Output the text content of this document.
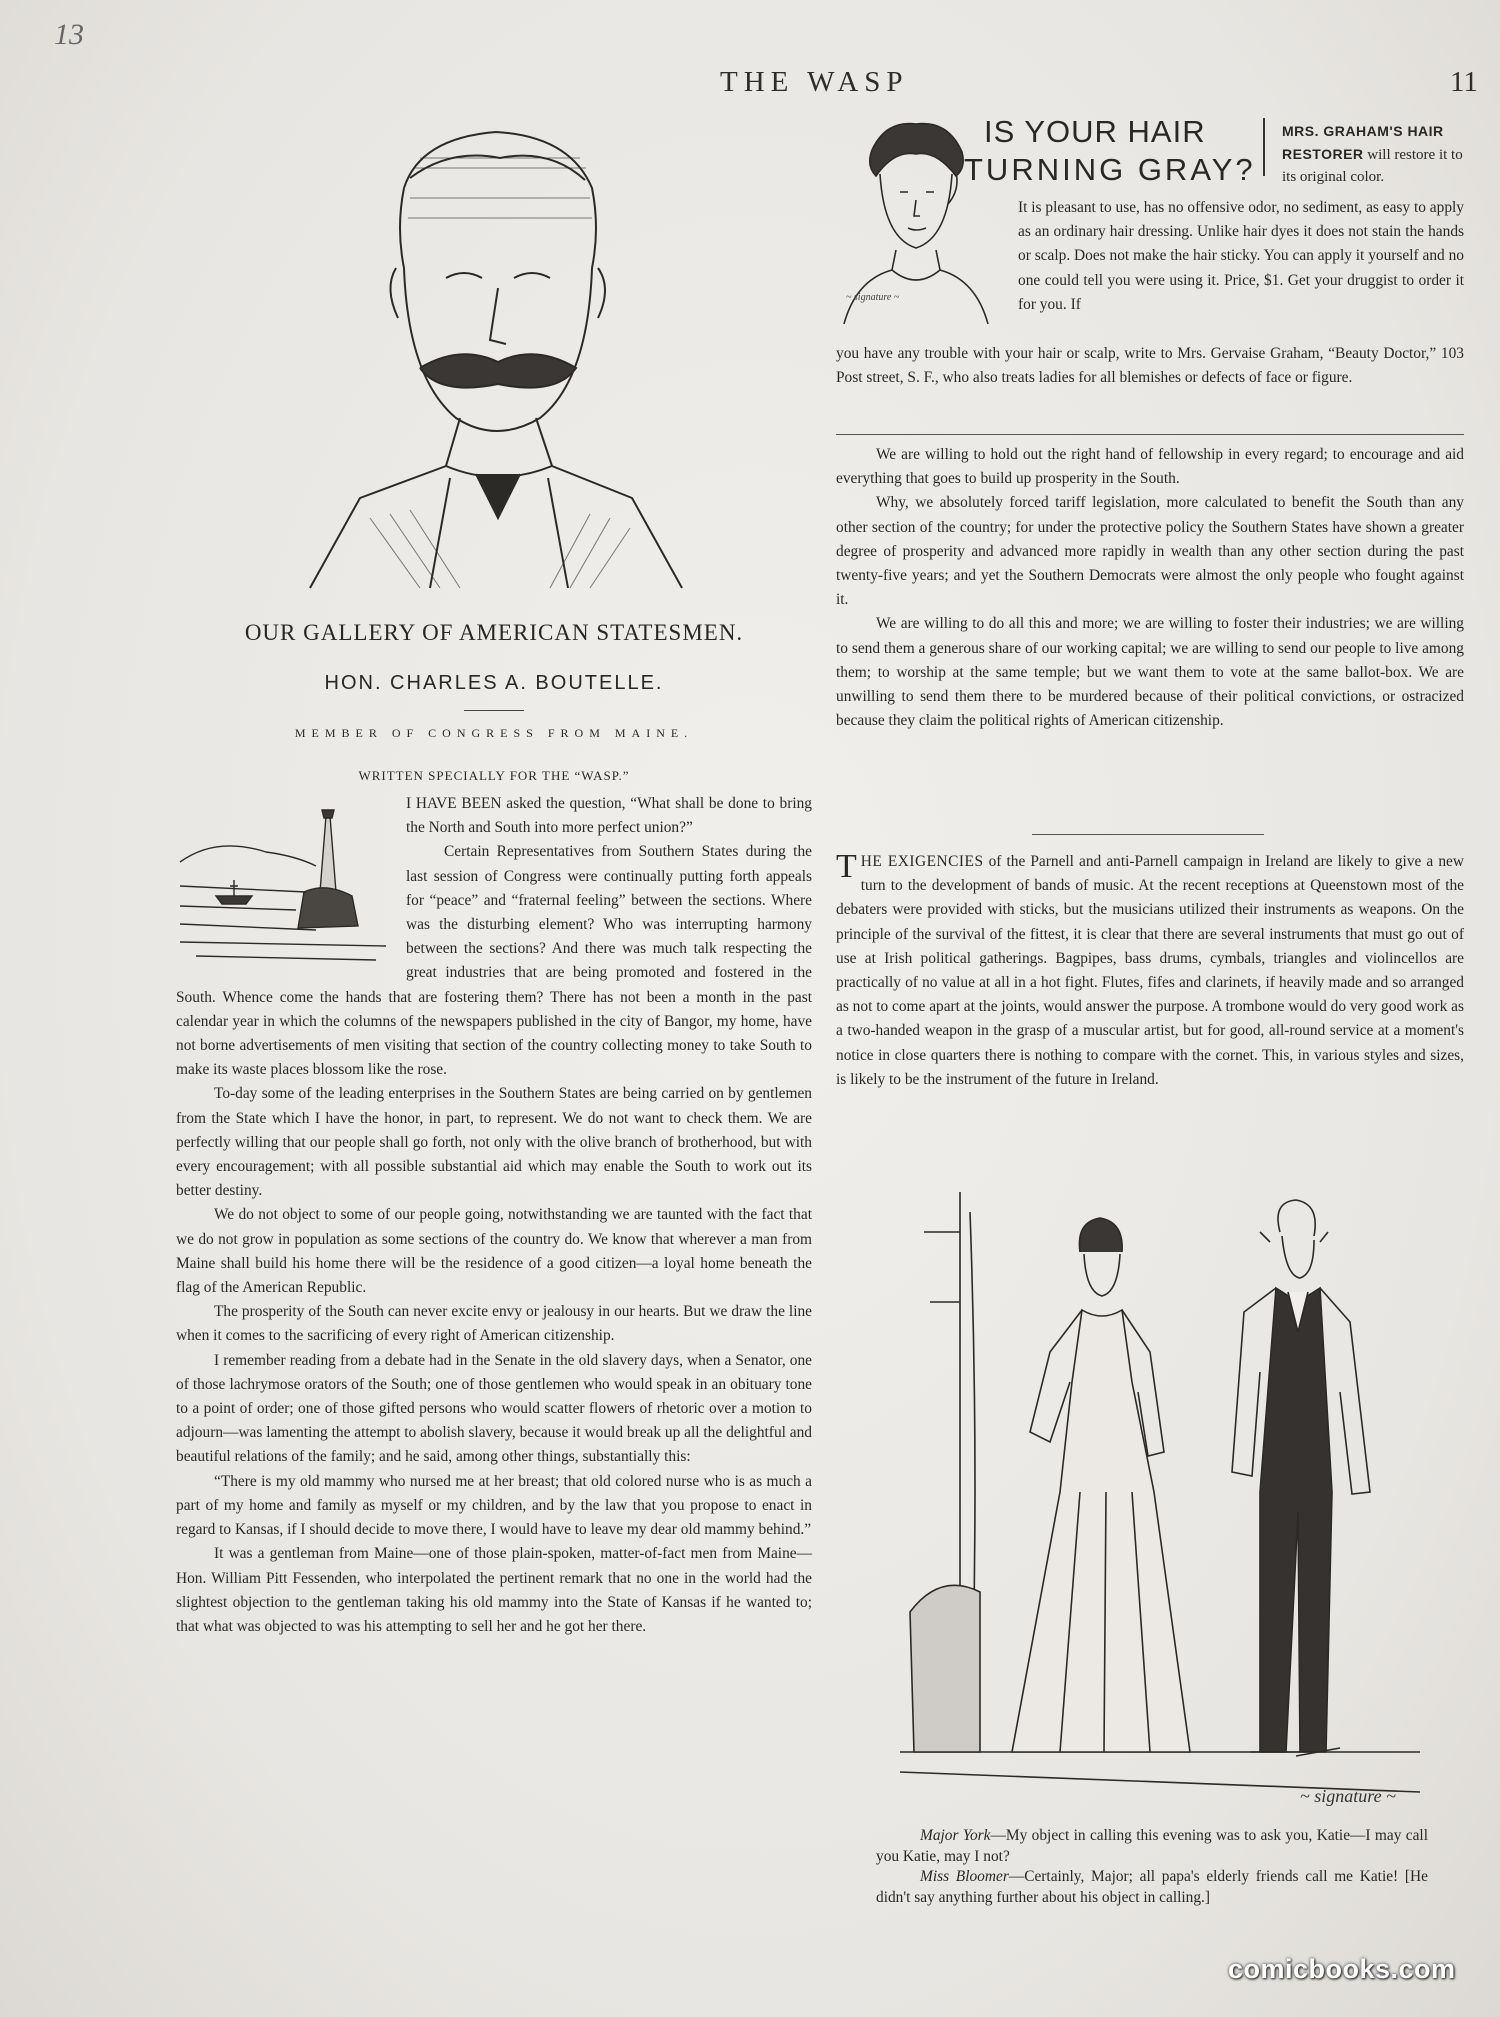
13
THE WASP	11
OUR GALLERY OF AMERICAN STATESMEN.
HON. CHARLES A. BOUTELLE.
MEMBER OF CONGRESS FROM MAINE.
WRITTEN SPECIALLY FOR THE “WASP.”

I HAVE BEEN asked the question, “What shall be done to bring the North and South into more perfect union?”

Certain Representatives from Southern States during the last session of Congress were continually putting forth appeals for “peace” and “fraternal feeling” between the sections. Where was the disturbing element? Who was interrupting harmony between the sections? And there was much talk respecting the great industries that are being promoted and fostered in the South. Whence come the hands that are fostering them? There has not been a month in the past calendar year in which the columns of the newspapers published in the city of Bangor, my home, have not borne advertisements of men visiting that section of the country collecting money to take South to make its waste places blossom like the rose.

To-day some of the leading enterprises in the Southern States are being carried on by gentlemen from the State which I have the honor, in part, to represent. We do not want to check them. We are perfectly willing that our people shall go forth, not only with the olive branch of brotherhood, but with every encouragement; with all possible substantial aid which may enable the South to work out its better destiny.

We do not object to some of our people going, notwithstanding we are taunted with the fact that we do not grow in population as some sections of the country do. We know that wherever a man from Maine shall build his home there will be the residence of a good citizen—a loyal home beneath the flag of the American Republic.

The prosperity of the South can never excite envy or jealousy in our hearts. But we draw the line when it comes to the sacrificing of every right of American citizenship.

I remember reading from a debate had in the Senate in the old slavery days, when a Senator, one of those lachrymose orators of the South; one of those gentlemen who would speak in an obituary tone to a point of order; one of those gifted persons who would scatter flowers of rhetoric over a motion to adjourn—was lamenting the attempt to abolish slavery, because it would break up all the delightful and beautiful relations of the family; and he said, among other things, substantially this:

“There is my old mammy who nursed me at her breast; that old colored nurse who is as much a part of my home and family as myself or my children, and by the law that you propose to enact in regard to Kansas, if I should decide to move there, I would have to leave my dear old mammy behind.”

It was a gentleman from Maine—one of those plain-spoken, matter-of-fact men from Maine—Hon. William Pitt Fessenden, who interpolated the pertinent remark that no one in the world had the slightest objection to the gentleman taking his old mammy into the State of Kansas if he wanted to; that what was objected to was his attempting to sell her and he got her there.

~ signature ~
IS YOUR HAIR
TURNING GRAY?
MRS. GRAHAM'S HAIR
RESTORER will restore it to its original color.
It is pleasant to use, has no offensive odor, no sediment, as easy to apply as an ordinary hair dressing. Unlike hair dyes it does not stain the hands or scalp. Does not make the hair sticky. You can apply it yourself and no one could tell you were using it. Price, $1. Get your druggist to order it for you. If
you have any trouble with your hair or scalp, write to Mrs. Gervaise Graham, “Beauty Doctor,” 103 Post street, S. F., who also treats ladies for all blemishes or defects of face or figure.

We are willing to hold out the right hand of fellowship in every regard; to encourage and aid everything that goes to build up prosperity in the South.

Why, we absolutely forced tariff legislation, more calculated to benefit the South than any other section of the country; for under the protective policy the Southern States have shown a greater degree of prosperity and advanced more rapidly in wealth than any other section during the past twenty-five years; and yet the Southern Democrats were almost the only people who fought against it.

We are willing to do all this and more; we are willing to foster their industries; we are willing to send them a generous share of our working capital; we are willing to send our people to live among them; to worship at the same temple; but we want them to vote at the same ballot-box. We are unwilling to send them there to be murdered because of their political convictions, or ostracized because they claim the political rights of American citizenship.

THE EXIGENCIES of the Parnell and anti-Parnell campaign in Ireland are likely to give a new turn to the development of bands of music. At the recent receptions at Queenstown most of the debaters were provided with sticks, but the musicians utilized their instruments as weapons. On the principle of the survival of the fittest, it is clear that there are several instruments that must go out of use at Irish political gatherings. Bagpipes, bass drums, cymbals, triangles and violincellos are practically of no value at all in a hot fight. Flutes, fifes and clarinets, if heavily made and so arranged as not to come apart at the joints, would answer the purpose. A trombone would do very good work as a two-handed weapon in the grasp of a muscular artist, but for good, all-round service at a moment's notice in close quarters there is nothing to compare with the cornet. This, in various styles and sizes, is likely to be the instrument of the future in Ireland.
~ signature ~

Major York—My object in calling this evening was to ask you, Katie—I may call you Katie, may I not?

Miss Bloomer—Certainly, Major; all papa's elderly friends call me Katie! [He didn't say anything further about his object in calling.]

comicbooks.com
